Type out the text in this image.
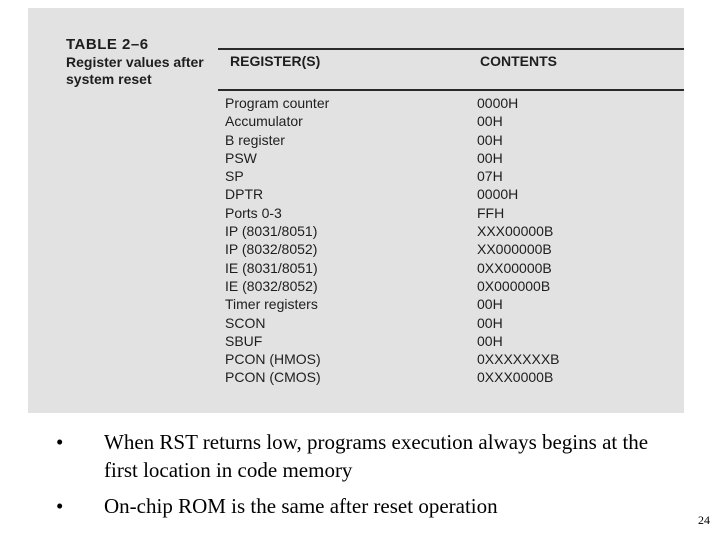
TABLE 2–6
Register values after
system reset
REGISTER(S)	CONTENTS
Program counter	0000H
Accumulator	00H
B register	00H
PSW	00H
SP	07H
DPTR	0000H
Ports 0-3	FFH
IP (8031/8051)	XXX00000B
IP (8032/8052)	XX000000B
IE (8031/8051)	0XX00000B
IE (8032/8052)	0X000000B
Timer registers	00H
SCON	00H
SBUF	00H
PCON (HMOS)	0XXXXXXXB
PCON (CMOS)	0XXX0000B
• When RST returns low, programs execution always begins at the first location in code memory
• On-chip ROM is the same after reset operation
24
